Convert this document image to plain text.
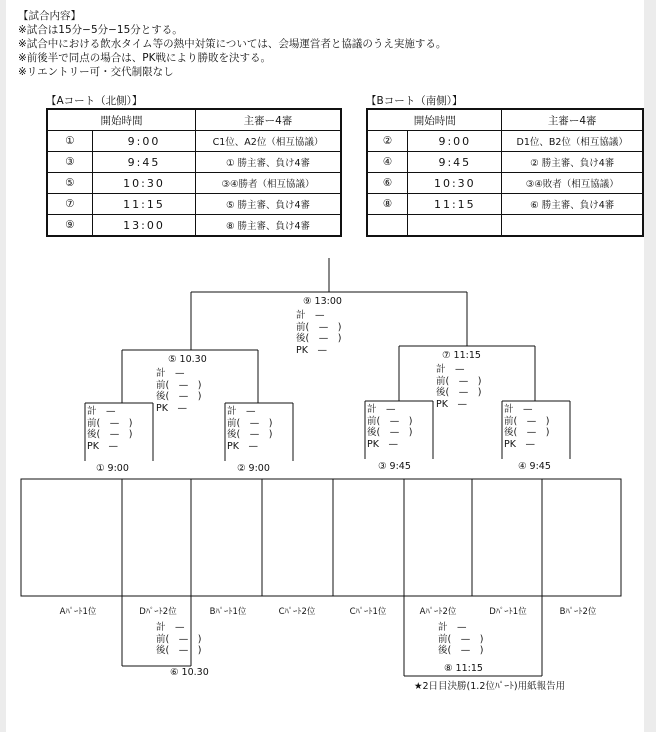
【試合内容】
※試合は15分−5分−15分とする。
※試合中における飲水タイム等の熱中対策については、会場運営者と協議のうえ実施する。
※前後半で同点の場合は、PK戦により勝敗を決する。
※リエントリー可・交代制限なし
【Aコート（北側）】
開始時間		主審ー4審
①	9:00	C1位、A2位（相互協議）
③	9:45	① 勝主審、負け4審
⑤	10:30	③④勝者（相互協議）
⑦	11:15	⑤ 勝主審、負け4審
⑨	13:00	⑧ 勝主審、負け4審
【Bコート（南側）】
開始時間		主審ー4審
②	9:00	D1位、B2位（相互協議）
④	9:45	② 勝主審、負け4審
⑥	10:30	③④敗者（相互協議）
⑧	11:15	⑥ 勝主審、負け4審

⑨ 13:00
計　—
前(　—　)
後(　—　)
PK　—
⑤ 10.30
計　—
前(　—　)
後(　—　)
PK　—
⑦ 11:15
計　—
前(　—　)
後(　—　)
PK　—
計　—
前(　—　)
後(　—　)
PK　—
計　—
前(　—　)
後(　—　)
PK　—
計　—
前(　—　)
後(　—　)
PK　—
計　—
前(　—　)
後(　—　)
PK　—
① 9:00	② 9:00	③ 9:45	④ 9:45
Aﾊﾟｰﾄ1位	Dﾊﾟｰﾄ2位	Bﾊﾟｰﾄ1位	Cﾊﾟｰﾄ2位	Cﾊﾟｰﾄ1位	Aﾊﾟｰﾄ2位	Dﾊﾟｰﾄ1位	Bﾊﾟｰﾄ2位
計　—
前(　—　)
後(　—　)
⑥ 10.30
計　—
前(　—　)
後(　—　)
⑧ 11:15
★2日目決勝(1.2位ﾊﾟｰﾄ)用紙報告用
